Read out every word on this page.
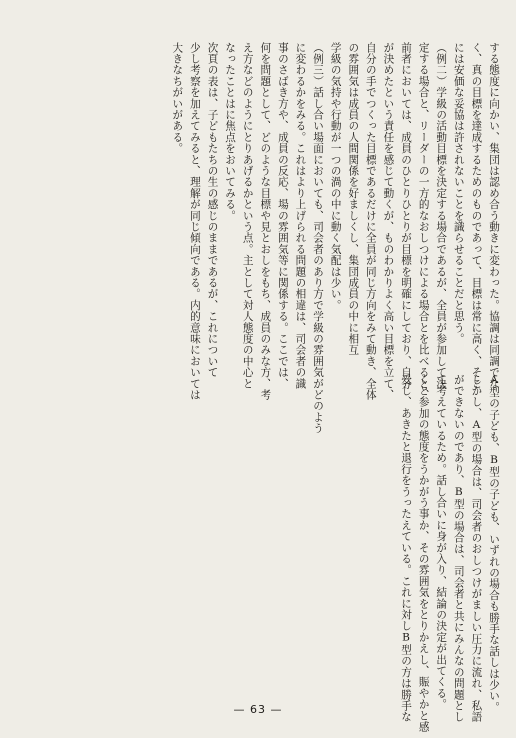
する態度に向かい、集団は認め合う動きに変わった。協調は同調でな
く、真の目標を達成するためのものであって、目標は常に高く、そこ
には安価な妥協は許されないことを識らせることだと思う。
（例二）学級の活動目標を決定する場合であるが、全員が参加して決
定する場合と、リーダーの一方的なおしつけによる場合とを比べると、
前者においては、成員のひとりひとりが目標を明確にしており、自分
が決めたという責任を感じて動くが、ものわかりよく高い目標を立て、
自分の手でつくった目標であるだけに全員が同じ方向をみて動き、全体
の雰囲気は成員の人間関係を好ましくし、集団成員の中に相互
学級の気持や行動が一つの渦の中に動く気配は少い。
（例三）話し合い場面においても、司会者のあり方で学級の雰囲気がどのよう
に変わるかをみる。これはより上げられる問題の相違は、司会者の識
事のさばき方や、成員の反応、場の雰囲気等に関係する。ここでは、
何を問題として、どのような目標や見とおしをもち、成員のみな方、考
え方などのようにとりあげるかという点。主として対人態度の中心と
なったことはに焦点をおいてみる。
次頁の表は、子どもたちの生の感じのままであるが、これについて
少し考察を加えてみると、理解が同じ傾向である。内的意味においては
大きなちがいがある。
A型の子ども、B型の子ども、いずれの場合も勝手な話しは少い。
しかし、A型の場合は、司会者のおしつけがましい圧力に流れ、私語
ができないのであり、B型の場合は、司会者と共にみんなの問題とし
て考えているため。話し合いに身が入り、結論の決定が出てくる。
くと参加の態度をうかがう事か、その雰囲気をとりかえし、賑やかと感
受し、あきたと退行をうったえている。これに対しB型の方は勝手な
— 63 —
